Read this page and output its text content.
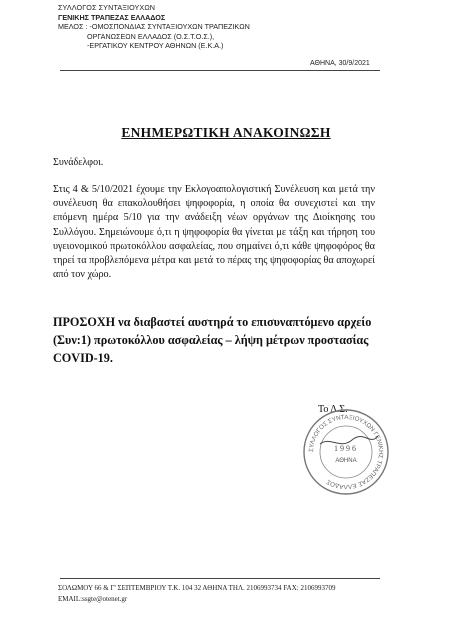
ΣΥΛΛΟΓΟΣ ΣΥΝΤΑΞΙΟΥΧΩΝ
ΓΕΝΙΚΗΣ ΤΡΑΠΕΖΑΣ ΕΛΛΑΔΟΣ
ΜΕΛΟΣ : -ΟΜΟΣΠΟΝΔΙΑΣ ΣΥΝΤΑΞΙΟΥΧΩΝ ΤΡΑΠΕΖΙΚΩΝ
ΟΡΓΑΝΩΣΕΩΝ ΕΛΛΑΔΟΣ (Ο.Σ.Τ.Ο.Σ.),
-ΕΡΓΑΤΙΚΟΥ ΚΕΝΤΡΟΥ ΑΘΗΝΩΝ (Ε.Κ.Α.)
ΑΘΗΝΑ, 30/9/2021
ΕΝΗΜΕΡΩΤΙΚΗ ΑΝΑΚΟΙΝΩΣΗ
Συνάδελφοι.
Στις 4 & 5/10/2021 έχουμε την Εκλογοαπολογιστική Συνέλευση και μετά την συνέλευση θα επακολουθήσει ψηφοφορία, η οποία θα συνεχιστεί και την επόμενη ημέρα 5/10 για την ανάδειξη νέων οργάνων της Διοίκησης του Συλλόγου. Σημειώνουμε ό,τι η ψηφοφορία θα γίνεται με τάξη και τήρηση του υγειονομικού πρωτοκόλλου ασφαλείας, που σημαίνει ό,τι κάθε ψηφοφόρος θα τηρεί τα προβλεπόμενα μέτρα και μετά το πέρας της ψηφοφορίας θα αποχωρεί από τον χώρο.
ΠΡΟΣΟΧΗ να διαβαστεί αυστηρά το επισυναπτόμενο αρχείο (Συν:1) πρωτοκόλλου ασφαλείας – λήψη μέτρων προστασίας COVID-19.
Το Δ.Σ.
ΣΥΛΛΟΓΟΣ ΣΥΝΤΑΞΙΟΥΧΩΝ ΓΕΝΙΚΗΣ ΤΡΑΠΕΖΑΣ ΕΛΛΑΔΟΣ
1996
ΑΘΗΝΑ
ΣΟΛΩΜΟΥ 66 & Γ' ΣΕΠΤΕΜΒΡΙΟΥ Τ.Κ. 104 32 ΑΘΗΝΑ ΤΗΛ. 2106993734 FAX: 2106993709
EMAIL:ssgte@otenet.gr
